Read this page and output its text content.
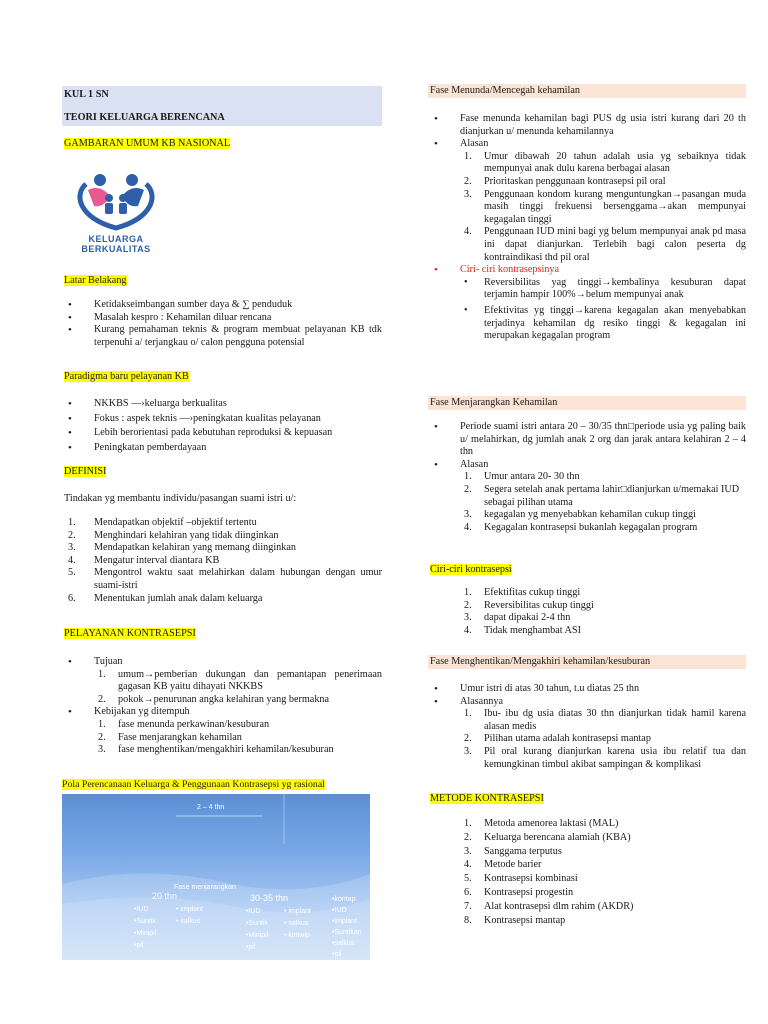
KUL 1 SN
TEORI KELUARGA BERENCANA
GAMBARAN UMUM KB NASIONAL
KELUARGA
BERKUALITAS
Latar Belakang
• Ketidakseimbangan sumber daya & ∑ penduduk
• Masalah kespro : Kehamilan diluar rencana
• Kurang pemahaman teknis & program membuat pelayanan KB tdk terpenuhi a/ terjangkau o/ calon pengguna potensial
Paradigma baru pelayanan KB
• NKKBS —›keluarga berkualitas
• Fokus : aspek teknis —›peningkatan kualitas pelayanan
• Lebih berorientasi pada kebutuhan reproduksi & kepuasan
• Peningkatan pemberdayaan
DEFINISI
Tindakan yg membantu individu/pasangan suami istri u/:
1. Mendapatkan objektif –objektif tertentu
2. Menghindari kelahiran yang tidak diinginkan
3. Mendapatkan kelahiran yang memang diinginkan
4. Mengatur interval diantara KB
5. Mengontrol waktu saat melahirkan dalam hubungan dengan umur suami-istri
6. Menentukan jumlah anak dalam keluarga
PELAYANAN KONTRASEPSI
• Tujuan
1. umum→pemberian dukungan dan pemantapan penerimaan gagasan KB yaitu dihayati NKKBS
2. pokok→penurunan angka kelahiran yang bermakna
• Kebijakan yg ditempuh
1. fase menunda perkawinan/kesuburan
2. Fase menjarangkan kehamilan
3. fase menghentikan/mengakhiri kehamilan/kesuburan
Pola Perencanaan Keluarga & Penggunaan Kontrasepsi yg rasional
2 – 4 thn
Fase menjarangkan
20 thn	30-35 thn
•IUD
•Suntik
•Minipil
•pil
• implant
• salkus
•IUD
•Suntik
•Minipil
•pil
• implant
• salkus
• kimwip
•kontap
•IUD
•implant
•Suntikan
•salkus
•pil
Fase Menunda/Mencegah kehamilan
• Fase menunda kehamilan bagi PUS dg usia istri kurang dari 20 th dianjurkan u/ menunda kehamilannya
• Alasan
1. Umur dibawah 20 tahun adalah usia yg sebaiknya tidak mempunyai anak dulu karena berbagai alasan
2. Prioritaskan penggunaan kontrasepsi pil oral
3. Penggunaan kondom kurang menguntungkan→pasangan muda masih tinggi frekuensi bersenggama→akan mempunyai kegagalan tinggi
4. Penggunaan IUD mini bagi yg belum mempunyai anak pd masa ini dapat dianjurkan. Terlebih bagi calon peserta dg kontraindikasi thd pil oral
• Ciri- ciri kontrasepsinya
• Reversibilitas yag tinggi→kembalinya kesuburan dapat terjamin hampir 100%→belum mempunyai anak
• Efektivitas yg tinggi→karena kegagalan akan menyebabkan terjadinya kehamilan dg resiko tinggi & kegagalan ini merupakan kegagalan program
Fase Menjarangkan Kehamilan
• Periode suami istri antara 20 – 30/35 thn□periode usia yg paling baik u/ melahirkan, dg jumlah anak 2 org dan jarak antara kelahiran 2 – 4 thn
• Alasan
1. Umur antara 20- 30 thn
2. Segera setelah anak pertama lahir□dianjurkan u/memakai IUD sebagai pilihan utama
3. kegagalan yg menyebabkan kehamilan cukup tinggi
4. Kegagalan kontrasepsi bukanlah kegagalan program
Ciri-ciri kontrasepsi
1. Efektifitas cukup tinggi
2. Reversibilitas cukup tinggi
3. dapat dipakai 2-4 thn
4. Tidak menghambat ASI
Fase Menghentikan/Mengakhiri kehamilan/kesuburan
• Umur istri di atas 30 tahun, t.u diatas 25 thn
• Alasannya
1. Ibu- ibu dg usia diatas 30 thn dianjurkan tidak hamil karena alasan medis
2. Pilihan utama adalah kontrasepsi mantap
3. Pil oral kurang dianjurkan karena usia ibu relatif tua dan kemungkinan timbul akibat sampingan & komplikasi
METODE KONTRASEPSI
1. Metoda amenorea laktasi (MAL)
2. Keluarga berencana alamiah (KBA)
3. Sanggama terputus
4. Metode barier
5. Kontrasepsi kombinasi
6. Kontrasepsi progestin
7. Alat kontrasepsi dlm rahim (AKDR)
8. Kontrasepsi mantap
